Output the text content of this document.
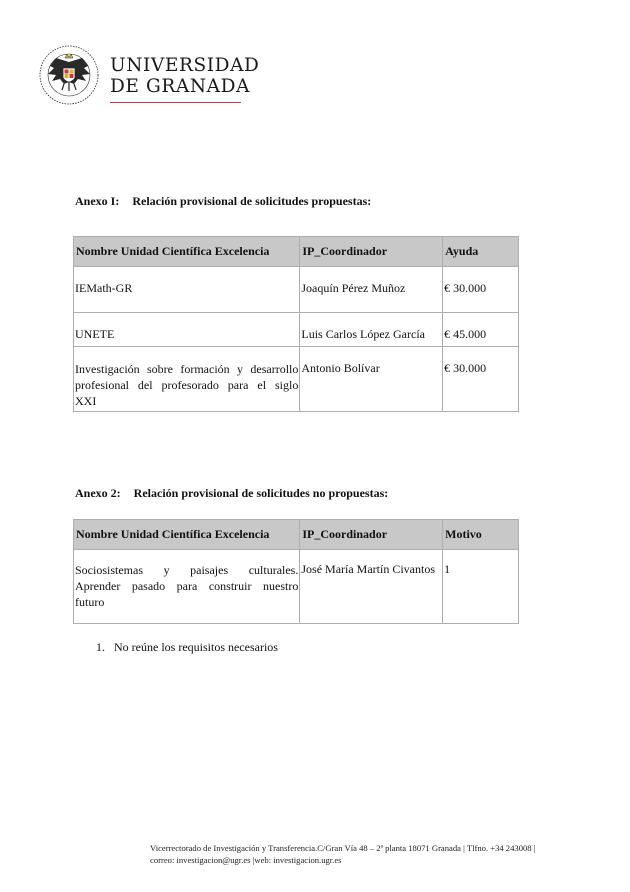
UNIVERSIDAD
DE GRANADA
Anexo I: Relación provisional de solicitudes propuestas:
Nombre Unidad Científica Excelencia	IP_Coordinador	Ayuda
IEMath-GR	Joaquín Pérez Muñoz	€ 30.000
UNETE	Luis Carlos López García	€ 45.000

Investigación sobre formación y desarrollo
profesional del profesorado para el siglo
XXI	Antonio Bolívar	€ 30.000
Anexo 2: Relación provisional de solicitudes no propuestas:
Nombre Unidad Científica Excelencia	IP_Coordinador	Motivo

Sociosistemas y paisajes culturales.
Aprender pasado para construir nuestro
futuro	José María Martín Civantos	1
1. No reúne los requisitos necesarios
Vicerrectorado de Investigación y Transferencia.C/Gran Vía 48 – 2ª planta 18071 Granada | Tlfno. +34 243008 |
correo: investigacion@ugr.es |web: investigacion.ugr.es
